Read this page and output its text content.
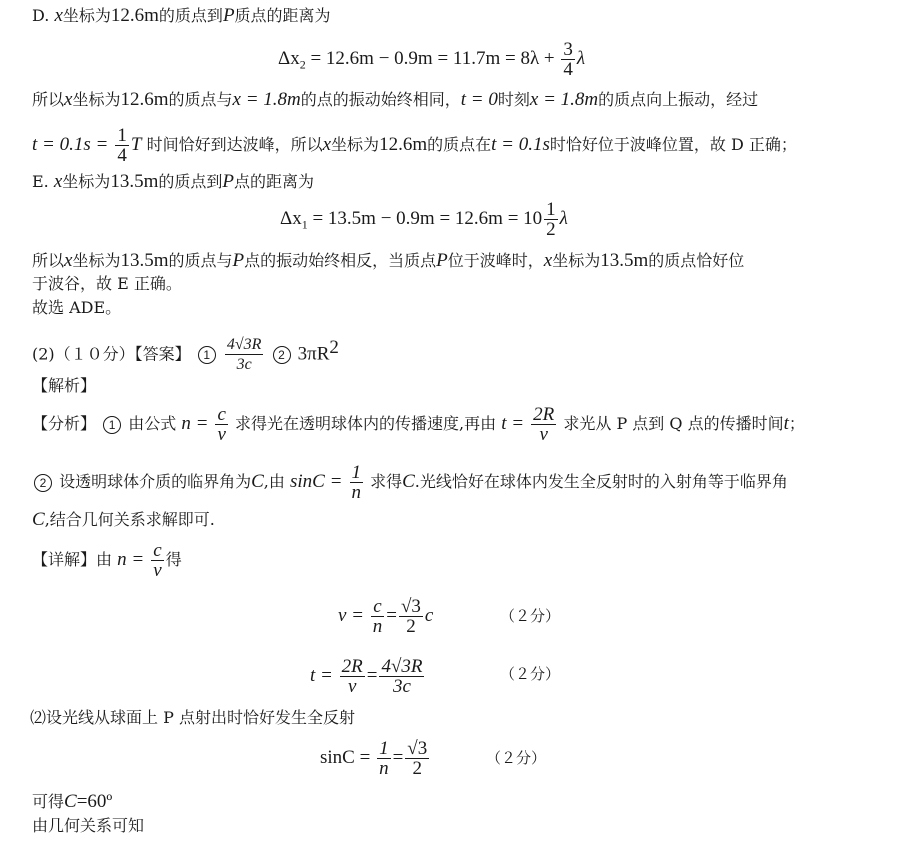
D. x坐标为12.6m的质点到P质点的距离为
$\Delta x_2 = 12.6m - 0.9m = 11.7m = 8\lambda + \frac{3}{4}$ λ
所以x坐标为12.6m的质点与x = 1.8m的点的振动始终相同，t = 0时刻x = 1.8m的质点向上振动，经过
$t = 0.1s = \frac{1}{4}$ T 时间恰好到达波峰，所以x坐标为12.6m的质点在t = 0.1s时恰好位于波峰位置，故 D 正确；
E. x坐标为13.5m的质点到P点的距离为
$\Delta x_1 = 13.5m - 0.9m = 12.6m = 10 \frac{1}{2}$ λ
所以x坐标为13.5m的质点与P点的振动始终相反，当质点P位于波峰时，x坐标为13.5m的质点恰好位
于波谷，故 E 正确。
故选 ADE。
(2)（１０分）【答案】 $1 \frac{4√3R}{3c} 2$ $3\pi R^2$
【解析】
【分析】 1 由公式 $n = \frac{c}{v}$ 求得光在透明球体内的传播速度,再由 $t = \frac{2R}{v}$ 求光从 P 点到 Q 点的传播时间t；
2 设透明球体介质的临界角为C,由 $\sin C = \frac{1}{n}$ 求得C.光线恰好在球体内发生全反射时的入射角等于临界角
C,结合几何关系求解即可.
【详解】由 $n = \frac{c}{v}$ 得
$v = \frac{c}{n} = \frac{√3}{2}$ c	（２分）
$t = \frac{2R}{v} = \frac{4√3R}{3c}$	（２分）
⑵设光线从球面上 P 点射出时恰好发生全反射
$\sin C = \frac{1}{n} = \frac{√3}{2}$	（２分）
可得C=60º
由几何关系可知
